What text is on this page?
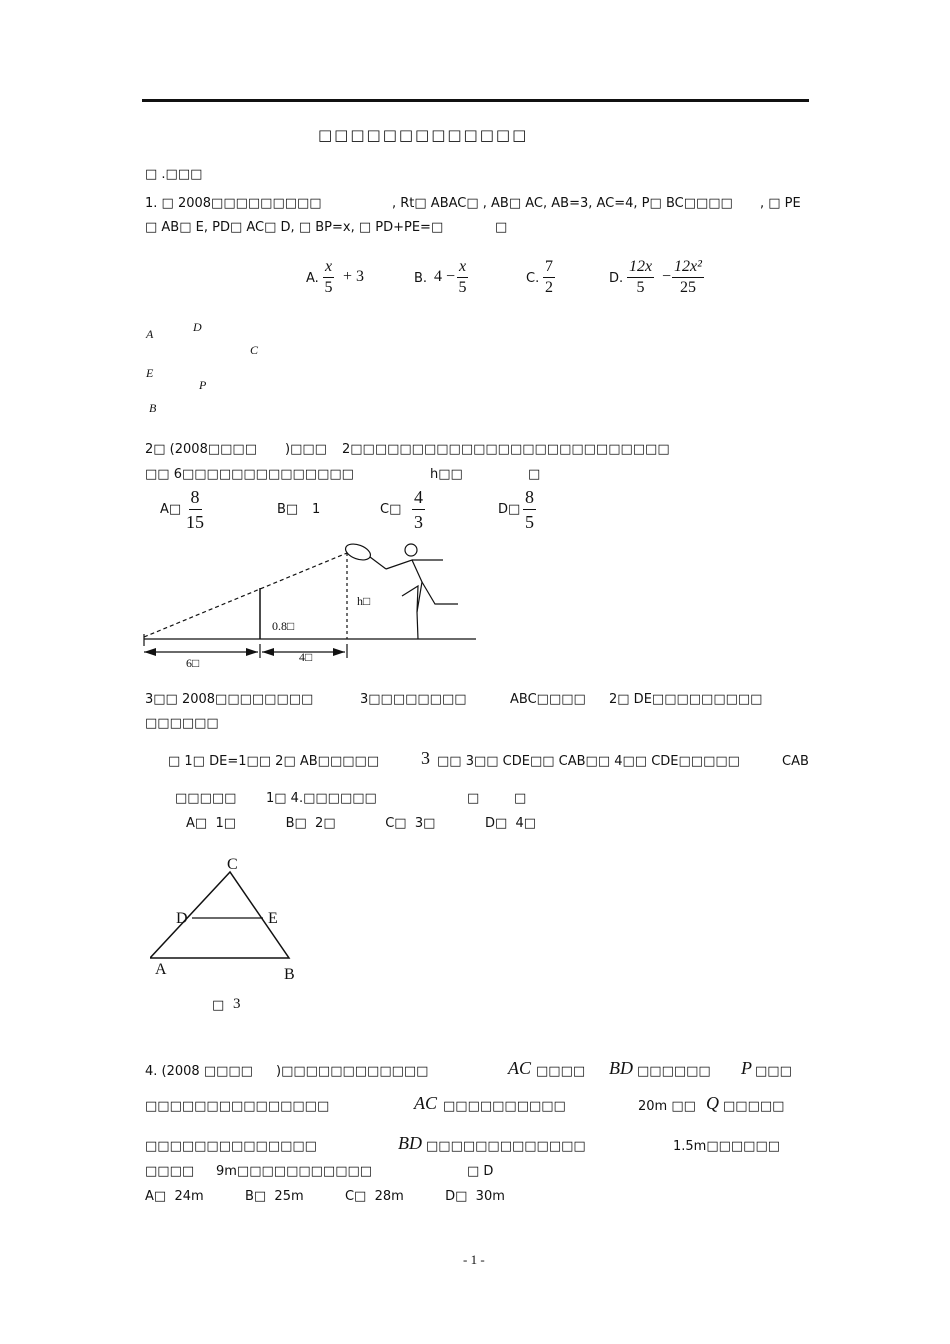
□□□□□□□□□□□□□
□ .□□□
1. □ 2008□□□□□□□□□	, Rt□ ABAC□ , AB□ AC, AB=3, AC=4, P□ BC□□□□ , □ PE
□ AB□ E, PD□ AC□ D, □ BP=x, □ PD+PE=□	□
A. $\frac{x}{5} + 3$	B. $4 - \frac{x}{5}$	C. $\frac{7}{2}$	D. $\frac{12x}{5} - \frac{\text{12x²}}{25}$
A	D
C
E
P
B
2□ (2008□□□□ )□□□ 2□□□□□□□□□□□□□□□□□□□□□□□□□□
□□ 6□□□□□□□□□□□□□□	h□□	□
A□ $\frac{8}{15}$	B□ 1	C□ $\frac{4}{3}$	D□ $\frac{8}{5}$
h□
0.8□
6□	4□
3□□ 2008□□□□□□□□	3□□□□□□□□	ABC□□□□ 2□ DE□□□□□□□□□
□□□□□□
□ 1□ DE=1□□ 2□ AB□□□□□ 3 □□ 3□□ CDE□□ CAB□□ 4□□ CDE□□□□□	CAB
□□□□□ 1□ 4.□□□□□□	□	□
A□  1□            B□  2□            C□  3□            D□  4□
C
D	E
A	B
□ 3
4. (2008 □□□□ )□□□□□□□□□□□□	AC □□□□ BD □□□□□□ P □□□
□□□□□□□□□□□□□□□	AC □□□□□□□□□□	20m □□ Q □□□□□
□□□□□□□□□□□□□□	BD □□□□□□□□□□□□□	1.5m□□□□□□
□□□□ 9m□□□□□□□□□□□	□ D
A□  24m          B□  25m          C□  28m          D□  30m
- 1 -
